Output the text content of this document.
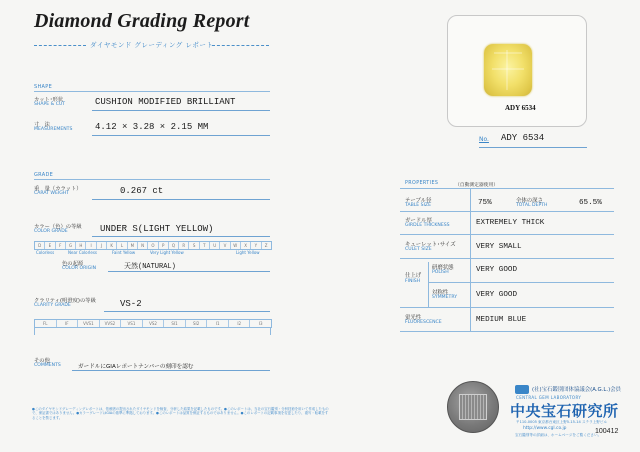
Diamond Grading Report
ダイヤモンド グレーディング レポート
SHAPE
カット･形状
SHAPE & CUT	CUSHION MODIFIED BRILLIANT
寸　法
MEASUREMENTS	4.12 × 3.28 × 2.15 MM
GRADE
重　量（カラット）
CARAT WEIGHT	0.267 ct
カラー（色）の等級
COLOR GRADE	UNDER S(LIGHT YELLOW)
D	E	F	G	H	I	J	K	L	M	N	O	P	Q	R	S	T	U	V	W	X	Y	Z
Colorless	Near Colorless	Faint Yellow	Very Light Yellow	Light Yellow
色の起源
COLOR ORIGIN	天然(NATURAL)
クラリティ(明澄度)の等級
CLARITY GRADE	VS-2
FL	IF	VVS1	VVS2	VS1	VS2	SI1	SI2	I1	I2	I3
その他
COMMENTS	ガードルにGIAレポートナンバーの刻印を認む
ADY 6534
No. ADY 6534
PROPERTIES	（自動測定器使用）
テーブル径
TABLE SIZE	75%	全体の深さ
TOTAL DEPTH	65.5%
ガードル厚
GIRDLE THICKNESS	EXTREMELY THICK
キューレット･サイズ
CULET SIZE	VERY SMALL
仕上げ
FINISH
研磨状態
POLISH	VERY GOOD
対称性
SYMMETRY VERY GOOD
蛍光性
FLUORESCENCE	MEDIUM BLUE
●このダイヤモンドグレーディングレポートは、依頼者の提出されたダイヤモンドを検査、分析した結果を記載したものです。●このレポートは、当社の宝石鑑別・分析技術を用いて作成したもので、保証書ではありません。●カラーグレードはGIAの基準に準拠しております。●このレポートは品質を保証するものではありません。●このレポートの記載事項を変更したり、複写・転載をすることを禁じます。
(社)宝石鑑別団体協議会(A.G.L.)会員
CENTRAL GEM LABORATORY
中央宝石研究所
〒110-0005 東京都台東区上野5-15-14 ステラ上野ビル
http://www.cgl.co.jp
宝石鑑別等の詳細は、ホームページをご覧ください。
100412
